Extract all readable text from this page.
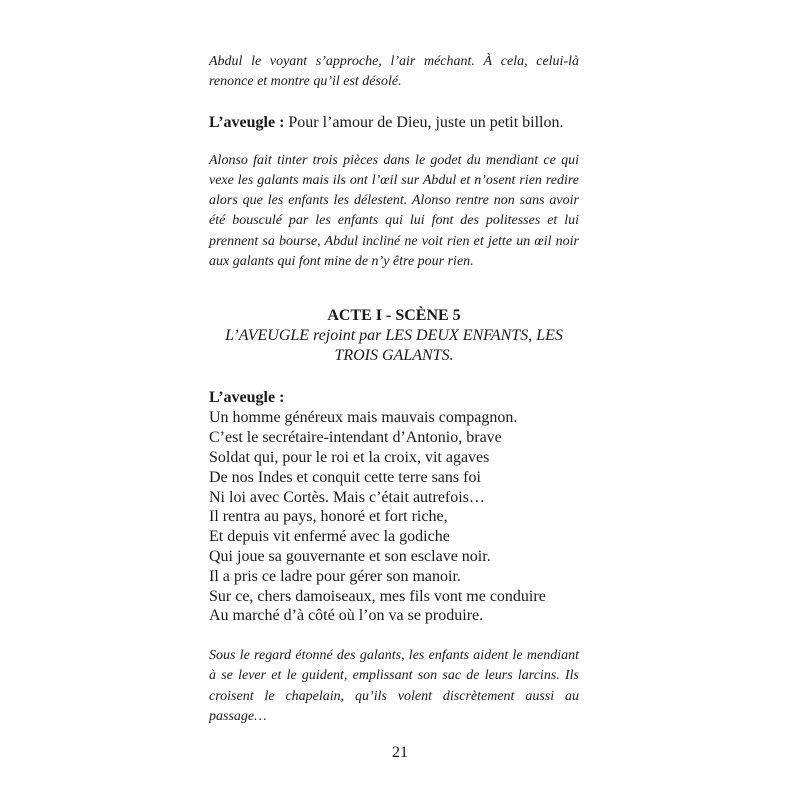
Abdul le voyant s’approche, l’air méchant. À cela, celui-là renonce et montre qu’il est désolé.

L’aveugle : Pour l’amour de Dieu, juste un petit billon.

Alonso fait tinter trois pièces dans le godet du mendiant ce qui vexe les galants mais ils ont l’œil sur Abdul et n’osent rien redire alors que les enfants les délestent. Alonso rentre non sans avoir été bousculé par les enfants qui lui font des politesses et lui prennent sa bourse, Abdul incliné ne voit rien et jette un œil noir aux galants qui font mine de n’y être pour rien.

ACTE I - SCÈNE 5

L’AVEUGLE rejoint par LES DEUX ENFANTS, LES TROIS GALANTS.

L’aveugle :

Un homme généreux mais mauvais compagnon.
C’est le secrétaire-intendant d’Antonio, brave
Soldat qui, pour le roi et la croix, vit agaves
De nos Indes et conquit cette terre sans foi
Ni loi avec Cortès. Mais c’était autrefois…
Il rentra au pays, honoré et fort riche,
Et depuis vit enfermé avec la godiche
Qui joue sa gouvernante et son esclave noir.
Il a pris ce ladre pour gérer son manoir.
Sur ce, chers damoiseaux, mes fils vont me conduire
Au marché d’à côté où l’on va se produire.

Sous le regard étonné des galants, les enfants aident le mendiant à se lever et le guident, emplissant son sac de leurs larcins. Ils croisent le chapelain, qu’ils volent discrètement aussi au passage…

21
